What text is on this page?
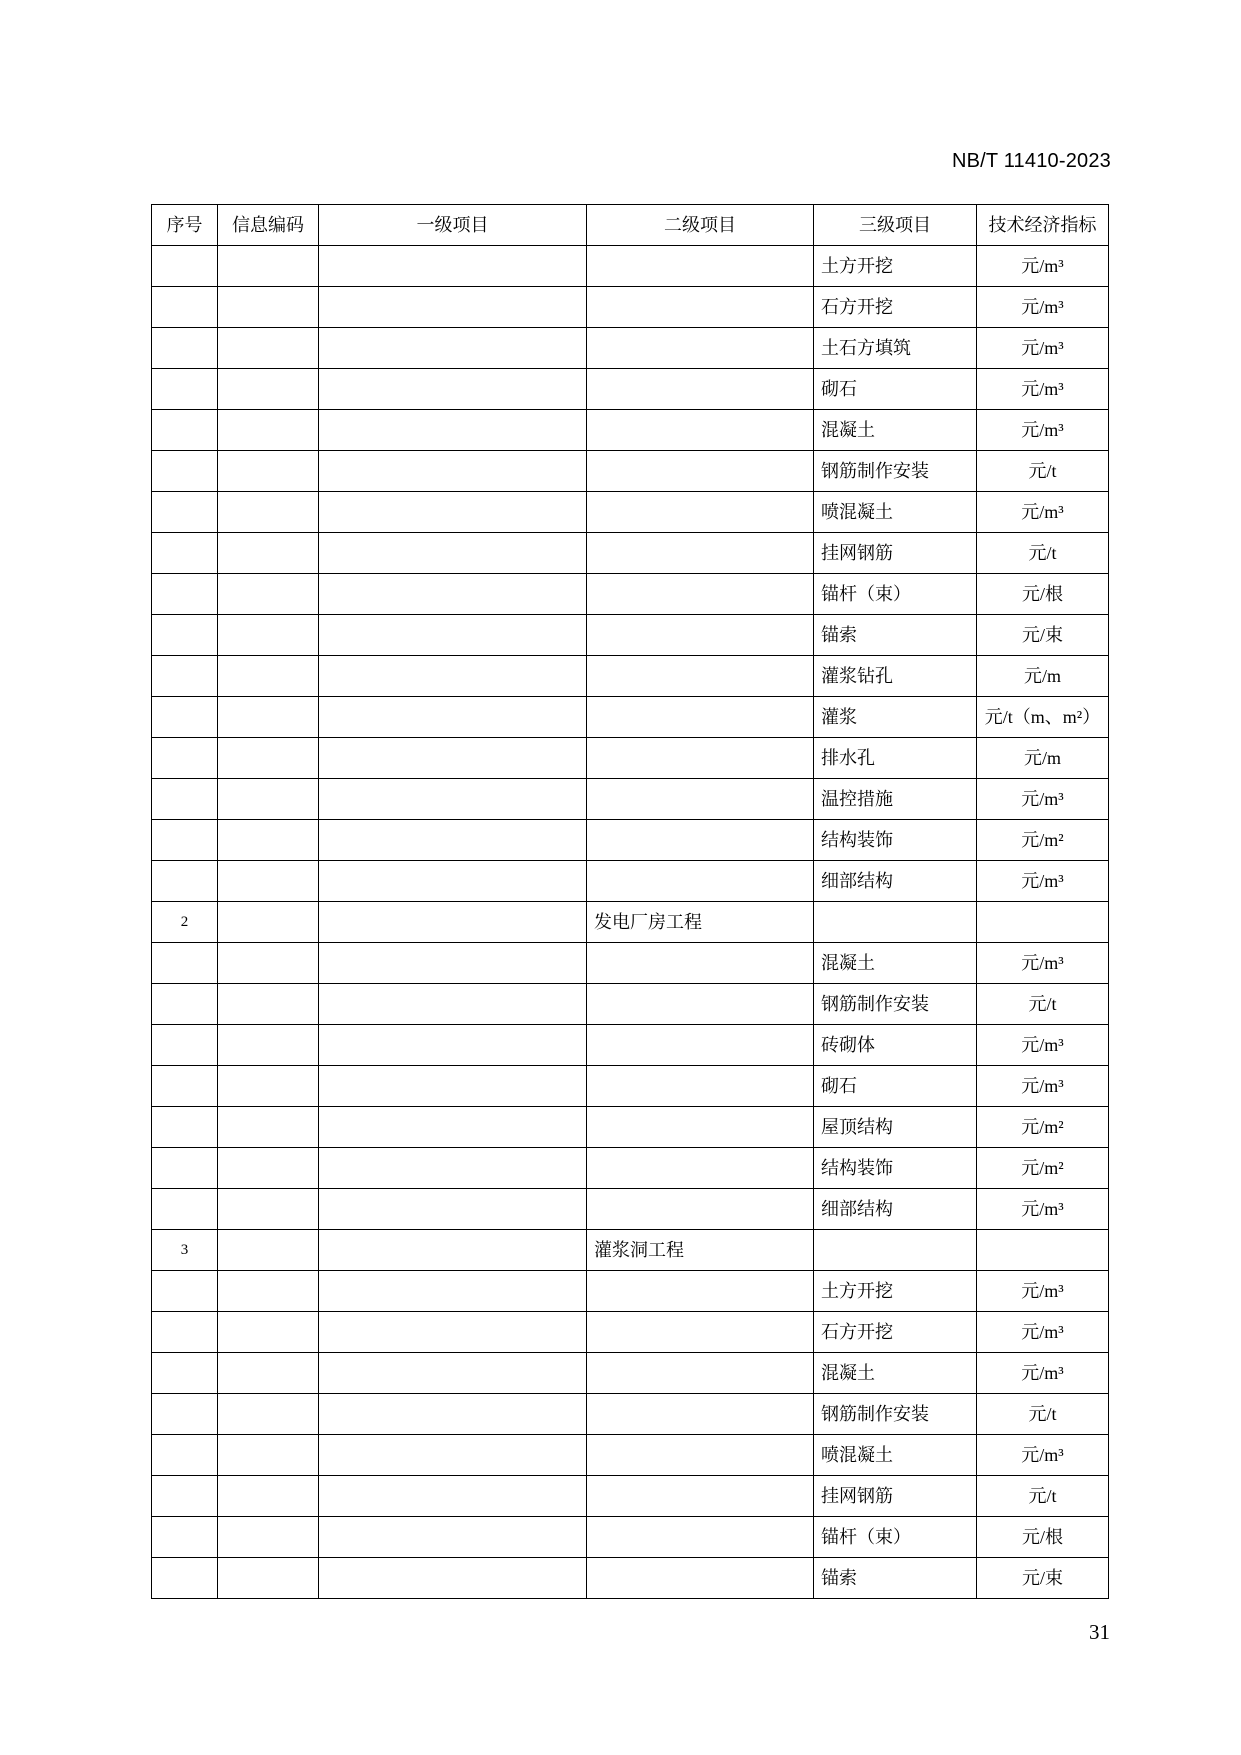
NB/T 11410-2023
序号	信息编码	一级项目	二级项目	三级项目	技术经济指标
				土方开挖	元/m³
				石方开挖	元/m³
				土石方填筑	元/m³
				砌石	元/m³
				混凝土	元/m³
				钢筋制作安装	元/t
				喷混凝土	元/m³
				挂网钢筋	元/t
				锚杆（束）	元/根
				锚索	元/束
				灌浆钻孔	元/m
				灌浆	元/t（m、m²）
				排水孔	元/m
				温控措施	元/m³
				结构装饰	元/m²
				细部结构	元/m³
2			发电厂房工程		
				混凝土	元/m³
				钢筋制作安装	元/t
				砖砌体	元/m³
				砌石	元/m³
				屋顶结构	元/m²
				结构装饰	元/m²
				细部结构	元/m³
3			灌浆洞工程		
				土方开挖	元/m³
				石方开挖	元/m³
				混凝土	元/m³
				钢筋制作安装	元/t
				喷混凝土	元/m³
				挂网钢筋	元/t
				锚杆（束）	元/根
				锚索	元/束
31
